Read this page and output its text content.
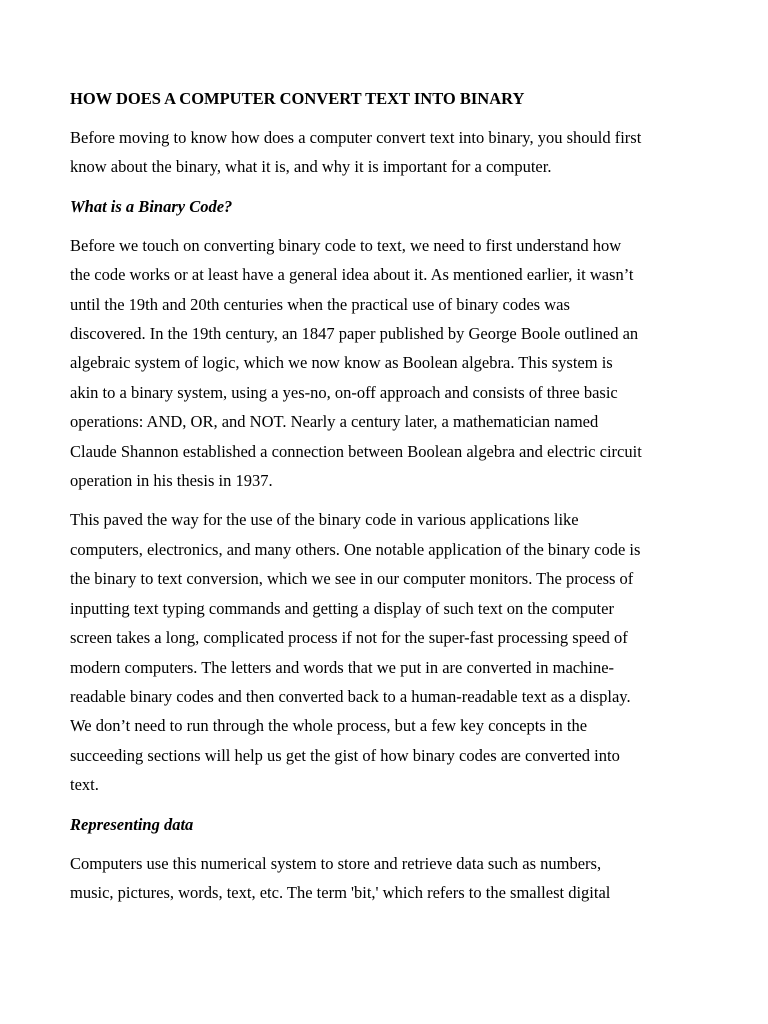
HOW DOES A COMPUTER CONVERT TEXT INTO BINARY
Before moving to know how does a computer convert text into binary, you should first
know about the binary, what it is, and why it is important for a computer.
What is a Binary Code?
Before we touch on converting binary code to text, we need to first understand how
the code works or at least have a general idea about it. As mentioned earlier, it wasn’t
until the 19th and 20th centuries when the practical use of binary codes was
discovered. In the 19th century, an 1847 paper published by George Boole outlined an
algebraic system of logic, which we now know as Boolean algebra. This system is
akin to a binary system, using a yes-no, on-off approach and consists of three basic
operations: AND, OR, and NOT. Nearly a century later, a mathematician named
Claude Shannon established a connection between Boolean algebra and electric circuit
operation in his thesis in 1937.
This paved the way for the use of the binary code in various applications like
computers, electronics, and many others. One notable application of the binary code is
the binary to text conversion, which we see in our computer monitors. The process of
inputting text typing commands and getting a display of such text on the computer
screen takes a long, complicated process if not for the super-fast processing speed of
modern computers. The letters and words that we put in are converted in machine-
readable binary codes and then converted back to a human-readable text as a display.
We don’t need to run through the whole process, but a few key concepts in the
succeeding sections will help us get the gist of how binary codes are converted into
text.
Representing data
Computers use this numerical system to store and retrieve data such as numbers,
music, pictures, words, text, etc. The term 'bit,' which refers to the smallest digital
